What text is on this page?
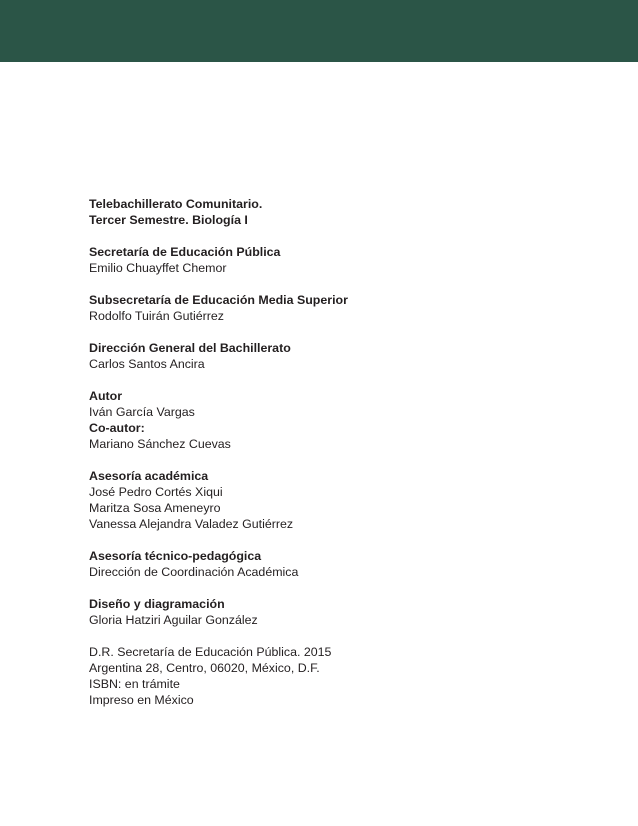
Telebachillerato Comunitario.
Tercer Semestre. Biología I
Secretaría de Educación Pública
Emilio Chuayffet Chemor
Subsecretaría de Educación Media Superior
Rodolfo Tuirán Gutiérrez
Dirección General del Bachillerato
Carlos Santos Ancira
Autor
Iván García Vargas
Co-autor:
Mariano Sánchez Cuevas
Asesoría académica
José Pedro Cortés Xiqui
Maritza Sosa Ameneyro
Vanessa Alejandra Valadez Gutiérrez
Asesoría técnico-pedagógica
Dirección de Coordinación Académica
Diseño y diagramación
Gloria Hatziri Aguilar González
D.R. Secretaría de Educación Pública. 2015
Argentina 28, Centro, 06020, México, D.F.
ISBN: en trámite
Impreso en México
